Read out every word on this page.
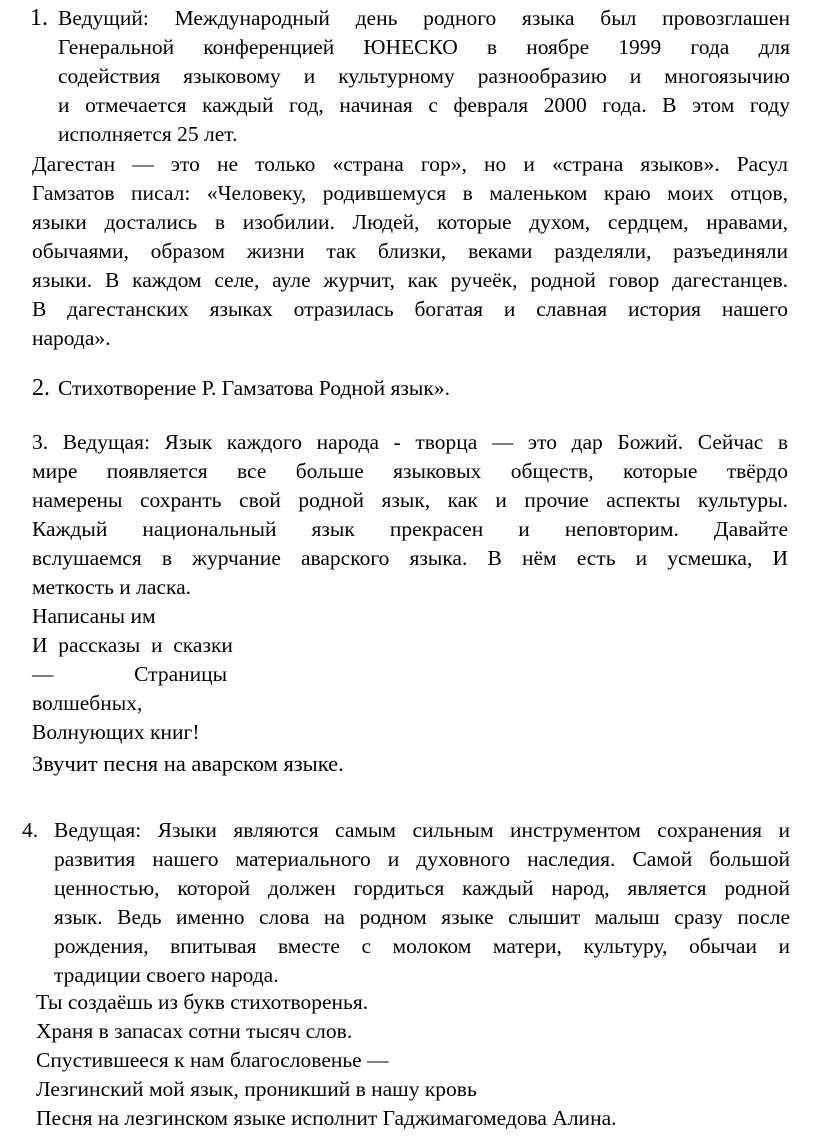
1. Ведущий: Международный день родного языка был провозглашен
Генеральной конференцией ЮНЕСКО в ноябре 1999 года для
содействия языковому и культурному разнообразию и многоязычию
и отмечается каждый год, начиная с февраля 2000 года. В этом году
исполняется 25 лет.
Дагестан — это не только «страна гор», но и «страна языков». Расул
Гамзатов писал: «Человеку, родившемуся в маленьком краю моих отцов,
языки достались в изобилии. Людей, которые духом, сердцем, нравами,
обычаями, образом жизни так близки, веками разделяли, разъединяли
языки. В каждом селе, ауле журчит, как ручеёк, родной говор дагестанцев.
В дагестанских языках отразилась богатая и славная история нашего
народа».
2. Стихотворение Р. Гамзатова Родной язык».
3. Ведущая: Язык каждого народа - творца — это дар Божий. Сейчас в
мире появляется все больше языковых обществ, которые твёрдо
намерены сохранть свой родной язык, как и прочие аспекты культуры.
Каждый национальный язык прекрасен и неповторим. Давайте
вслушаемся в журчание аварского языка. В нём есть и усмешка, И
меткость и ласка.
Написаны им
И  рассказы  и  сказки
—               Страницы
волшебных,
Волнующих книг!
Звучит песня на аварском языке.
4. Ведущая: Языки являются самым сильным инструментом сохранения и
развития нашего материального и духовного наследия. Самой большой
ценностью, которой должен гордиться каждый народ, является родной
язык. Ведь именно слова на родном языке слышит малыш сразу после
рождения, впитывая вместе с молоком матери, культуру, обычаи и
традиции своего народа.
Ты создаёшь из букв стихотворенья.
Храня в запасах сотни тысяч слов.
Спустившееся к нам благословенье —
Лезгинский мой язык, проникший в нашу кровь
Песня на лезгинском языке исполнит Гаджимагомедова Алина.
